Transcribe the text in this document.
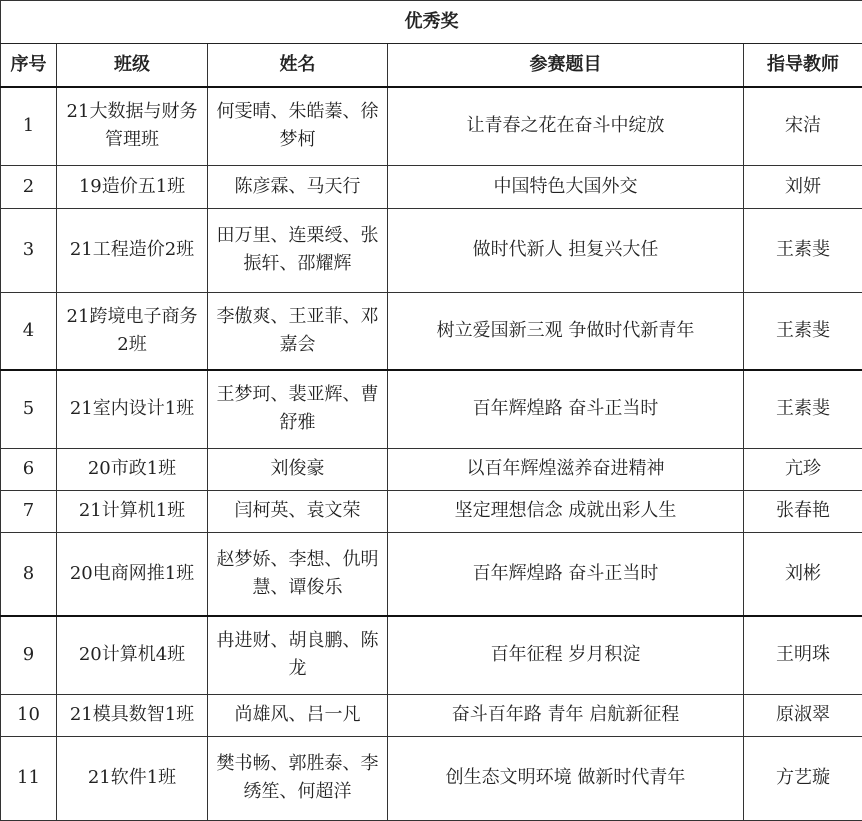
优秀奖				
序号	班级	姓名	参赛题目	指导教师
1	21大数据与财务管理班	何雯晴、朱皓蓁、徐梦柯	让青春之花在奋斗中绽放	宋洁
2	19造价五1班	陈彦霖、马天行	中国特色大国外交	刘妍
3	21工程造价2班	田万里、连栗绶、张振轩、邵耀辉	做时代新人 担复兴大任	王素斐
4	21跨境电子商务2班	李傲爽、王亚菲、邓嘉会	树立爱国新三观 争做时代新青年	王素斐
5	21室内设计1班	王梦珂、裴亚辉、曹舒雅	百年辉煌路 奋斗正当时	王素斐
6	20市政1班	刘俊豪	以百年辉煌滋养奋进精神	亢珍
7	21计算机1班	闫柯英、袁文荣	坚定理想信念 成就出彩人生	张春艳
8	20电商网推1班	赵梦娇、李想、仇明慧、谭俊乐	百年辉煌路 奋斗正当时	刘彬
9	20计算机4班	冉进财、胡良鹏、陈龙	百年征程 岁月积淀	王明珠
10	21模具数智1班	尚雄风、吕一凡	奋斗百年路 青年 启航新征程	原淑翠
11	21软件1班	樊书畅、郭胜泰、李绣笙、何超洋	创生态文明环境 做新时代青年	方艺璇
